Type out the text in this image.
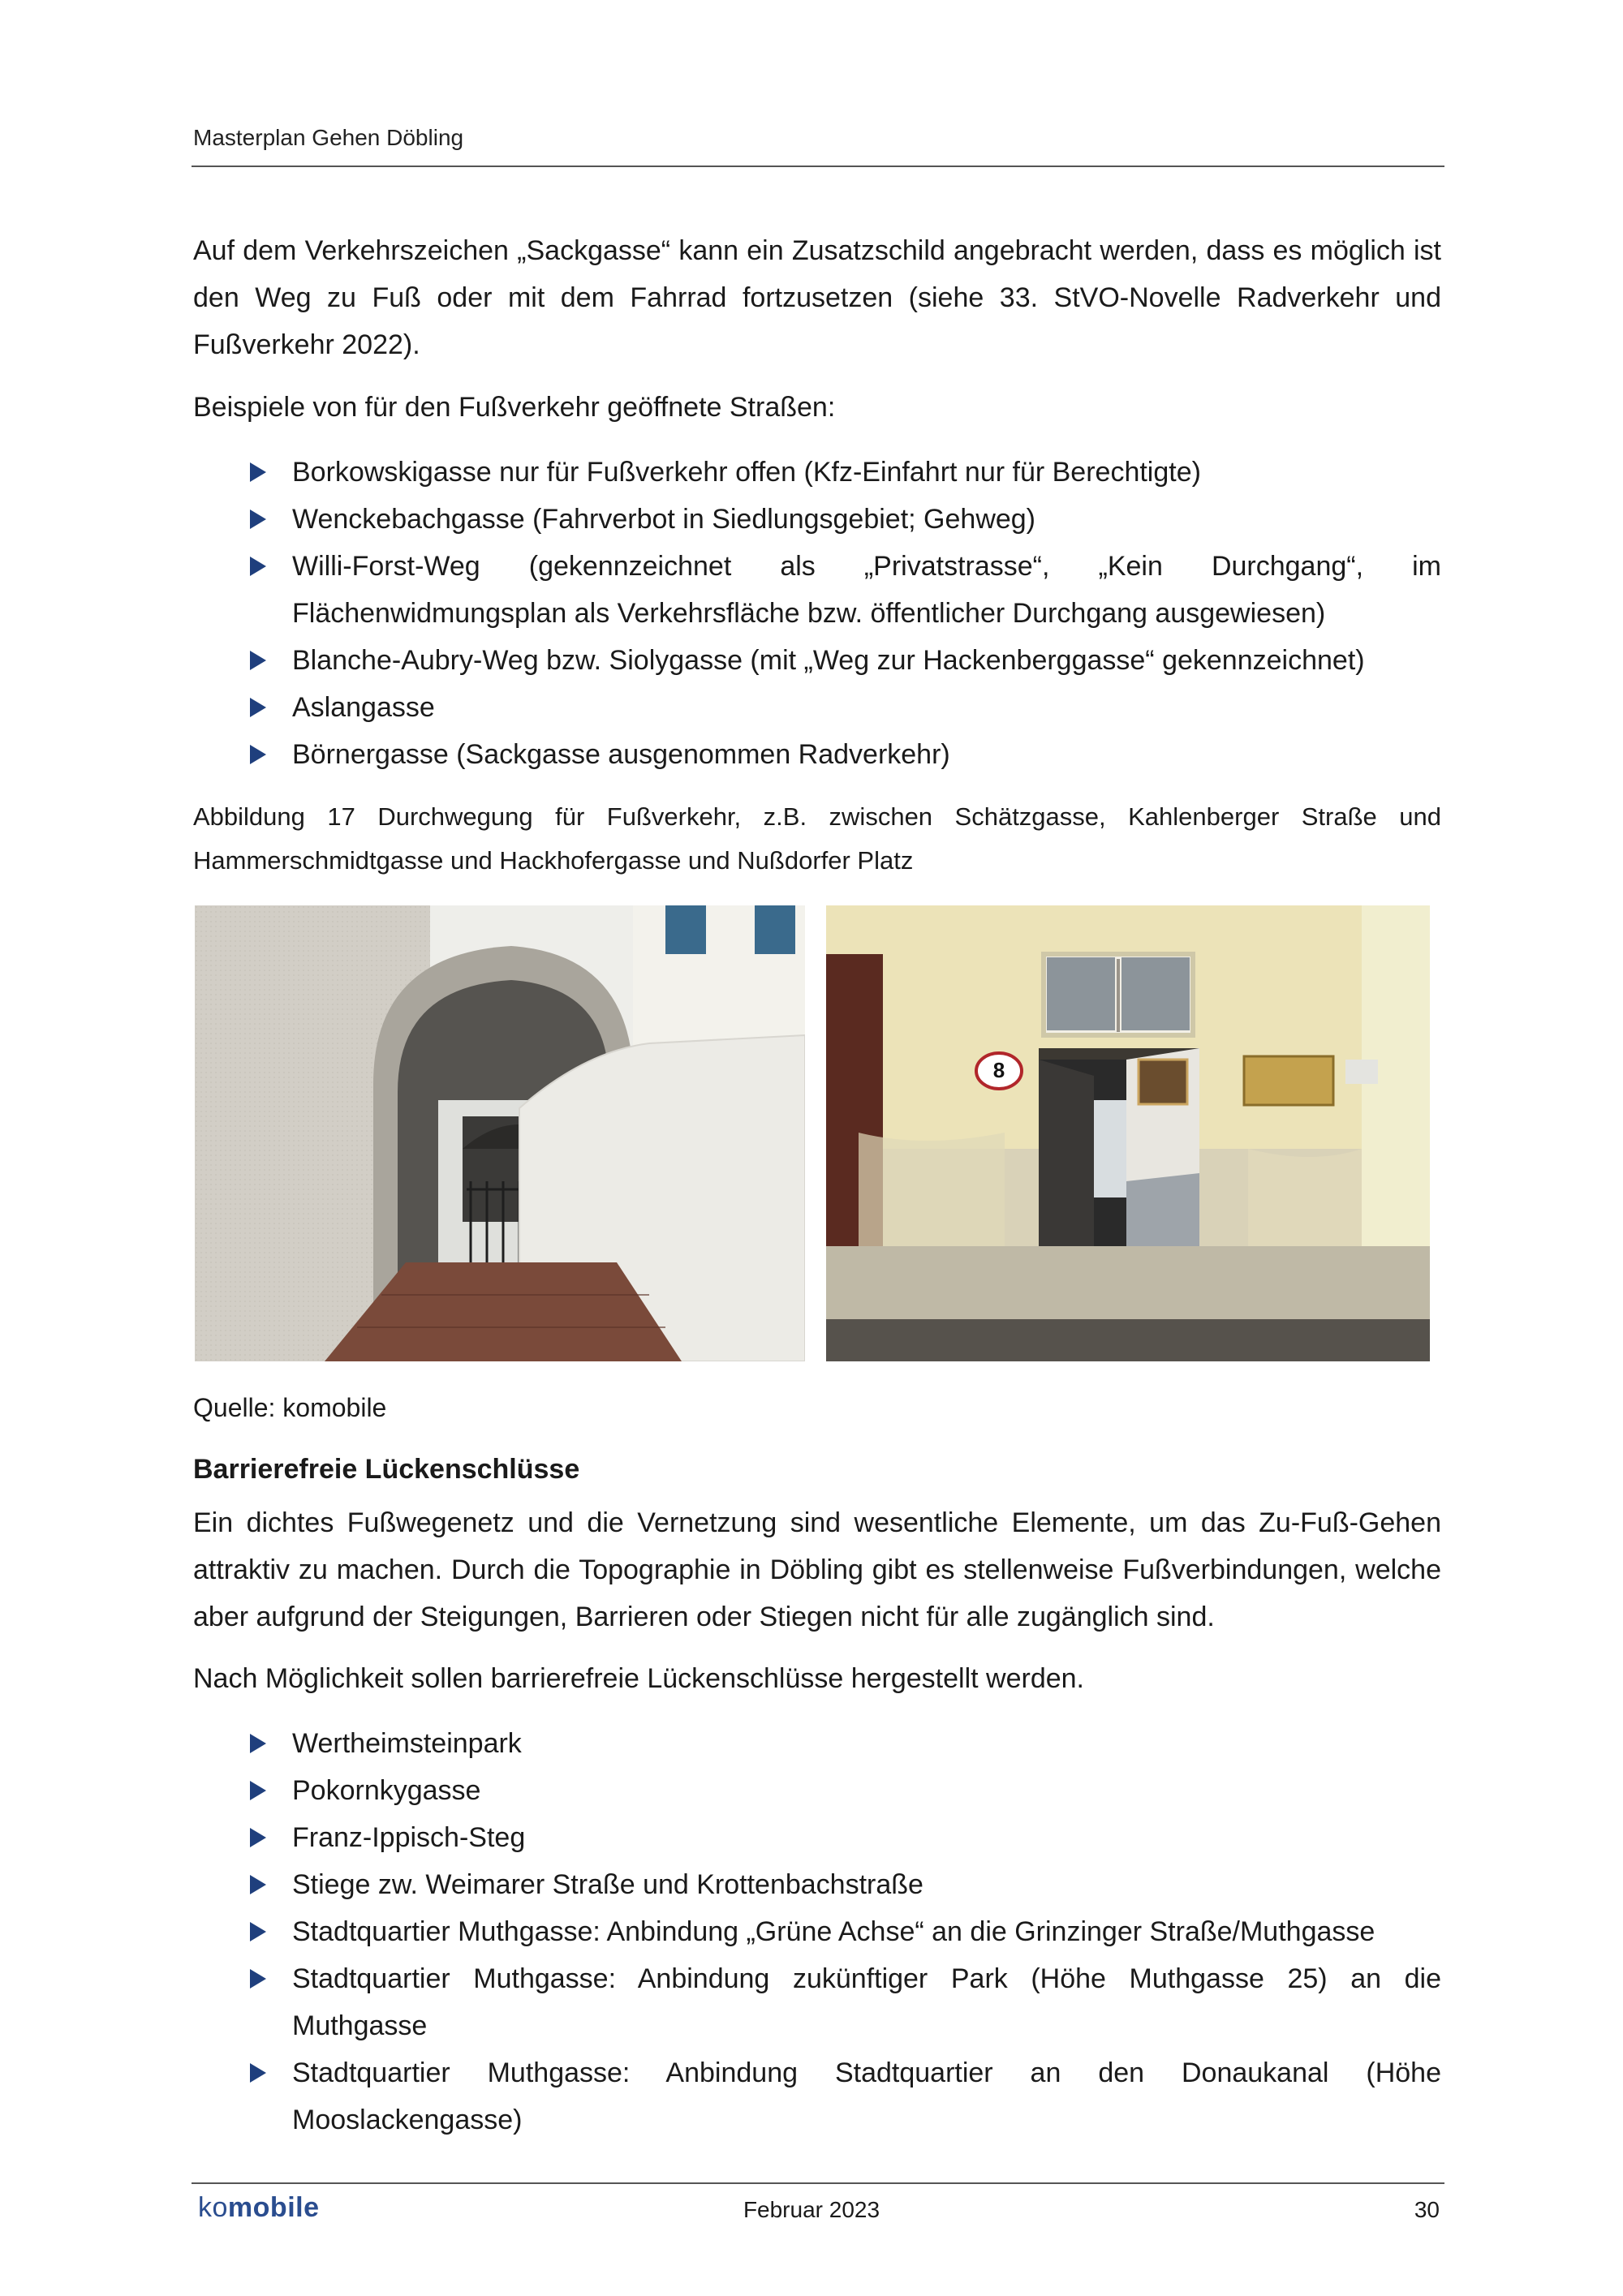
Masterplan Gehen Döbling
Auf dem Verkehrszeichen „Sackgasse“ kann ein Zusatzschild angebracht werden, dass es möglich ist den Weg zu Fuß oder mit dem Fahrrad fortzusetzen (siehe 33. StVO-Novelle Radverkehr und Fußverkehr 2022).
Beispiele von für den Fußverkehr geöffnete Straßen:
Borkowskigasse nur für Fußverkehr offen (Kfz-Einfahrt nur für Berechtigte)
Wenckebachgasse (Fahrverbot in Siedlungsgebiet; Gehweg)
Willi-Forst-Weg (gekennzeichnet als „Privatstrasse“, „Kein Durchgang“, im
Flächenwidmungsplan als Verkehrsfläche bzw. öffentlicher Durchgang ausgewiesen)
Blanche-Aubry-Weg bzw. Siolygasse (mit „Weg zur Hackenberggasse“ gekennzeichnet)
Aslangasse
Börnergasse (Sackgasse ausgenommen Radverkehr)
Abbildung 17 Durchwegung für Fußverkehr, z.B. zwischen Schätzgasse, Kahlenberger Straße und Hammerschmidtgasse und Hackhofergasse und Nußdorfer Platz
8
Quelle: komobile
Barrierefreie Lückenschlüsse
Ein dichtes Fußwegenetz und die Vernetzung sind wesentliche Elemente, um das Zu-Fuß-Gehen attraktiv zu machen. Durch die Topographie in Döbling gibt es stellenweise Fußverbindungen, welche aber aufgrund der Steigungen, Barrieren oder Stiegen nicht für alle zugänglich sind.
Nach Möglichkeit sollen barrierefreie Lückenschlüsse hergestellt werden.
Wertheimsteinpark
Pokornkygasse
Franz-Ippisch-Steg
Stiege zw. Weimarer Straße und Krottenbachstraße
Stadtquartier Muthgasse: Anbindung „Grüne Achse“ an die Grinzinger Straße/Muthgasse
Stadtquartier Muthgasse: Anbindung zukünftiger Park (Höhe Muthgasse 25) an die Muthgasse
Stadtquartier Muthgasse: Anbindung Stadtquartier an den Donaukanal (Höhe Mooslackengasse)
komobile	Februar 2023	30
